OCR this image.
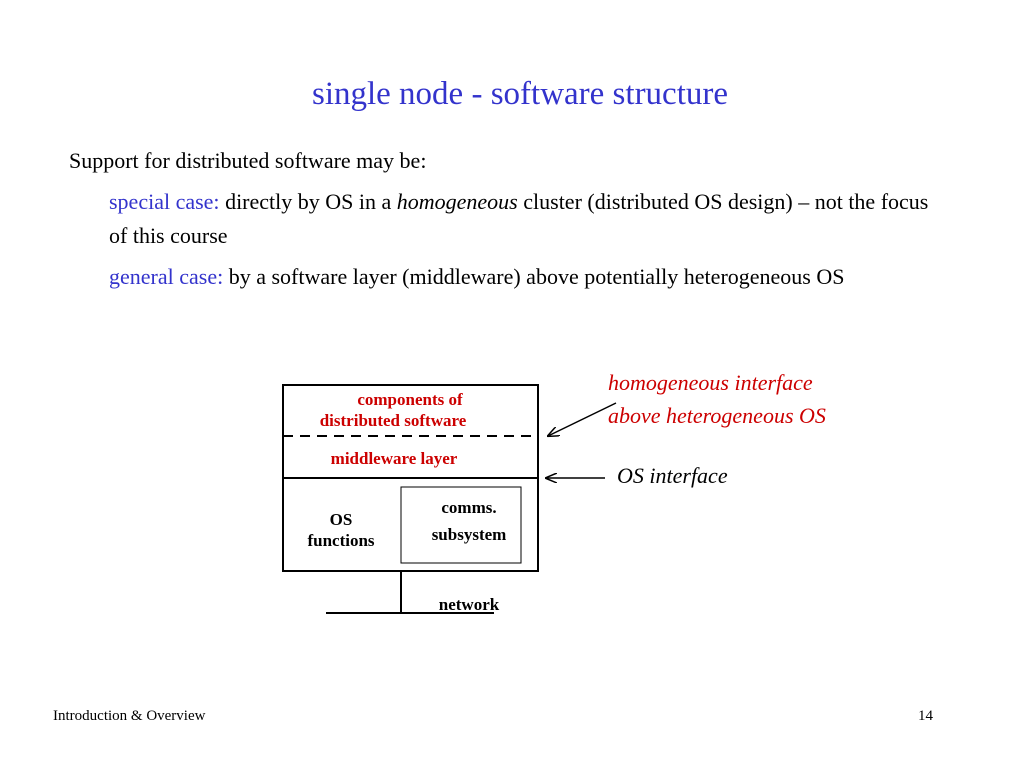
single node - software structure
Support for distributed software may be:
special case: directly by OS in a homogeneous cluster (distributed OS design) – not the focus of this course
general case: by a software layer (middleware) above potentially heterogeneous OS
components of
distributed software
middleware layer
OS
functions
comms.
subsystem
network
homogeneous interface
above heterogeneous OS
OS interface
Introduction & Overview	14
